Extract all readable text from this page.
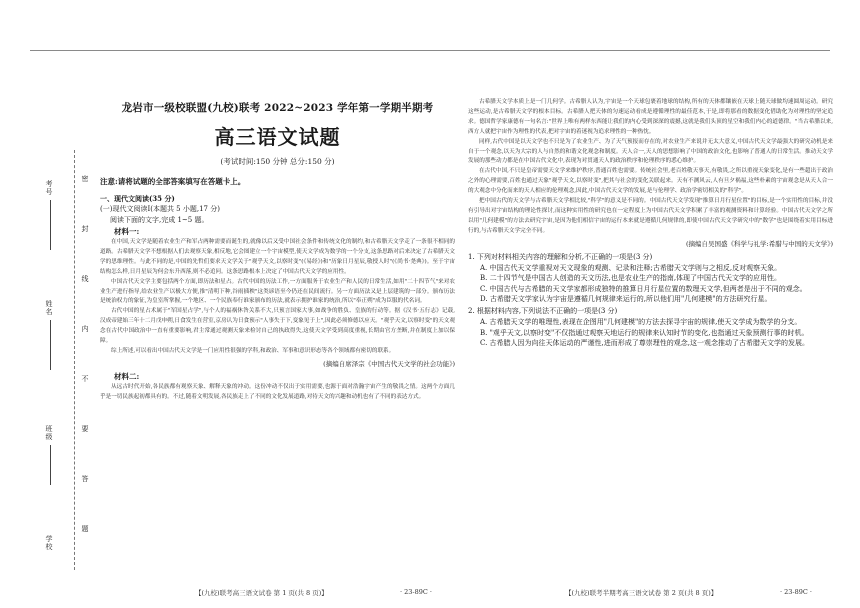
考号
姓名
班级
学校
密
封
线
内
不
要
答
题
龙岩市一级校联盟(九校)联考 2022~2023 学年第一学期半期考
高三语文试题
(考试时间:150 分钟 总分:150 分)
注意:请将试题的全部答案填写在答题卡上。
一、现代文阅读(35 分)
(一)现代文阅读Ⅰ(本题共 5 小题,17 分)
阅读下面的文字,完成 1~5 题。
材料一:

在中国,天文学是随着农业生产和军占两种需要而诞生的,就像以后又受中国社会条件和传统文化的制约,和古希腊天文学走了一条很不相同的道路。古希腊天文学不想根据人们去观察天象,相反地,它会图建立一个宇宙模型,使天文学成为数学的一个分支,这条思路对后来决定了古希腊天文学的思维理性。与此不同的是,中国的先哲们要求天文学关于"观乎天文,以察时变"(《易经》)和"历象日月星辰,敬授人时"(《尚书·尧典》)。至于宇宙结构怎么样,日月星辰为何会东升西落,则不必追问。这条思路根本上决定了中国古代天文学的应用性。

中国古代天文学主要包括两个方面,即历法和星占。古代中国的历法工作,一方面服务于农业生产和人民的日常生活,如用"二十四节气"来对农业生产进行指导,给农业生产以极大方便,推"清明下种,谷雨插秧"这类谚语至今仍还在民间流行。另一方面历法又是上层建筑的一部分。颁布历法是统治权力的象征,为皇室所掌握,一个地区、一个民族奉行谁家颁布的历法,就表示拥护谁家的统治,所以"奉正朔"成为臣服的代名词。

古代中国的星占术属于"军国星占学",与个人的福祸休咎关系不大,只预言国家大事,如战争的胜负、皇族的行动等。据《汉书·五行志》记载,汉成帝建始三年十二月戊申朔,日食发生在营室,京房认为日食预示"人事失于下,变象见于上",因此必须修德以应天。"观乎天文,以察时变"的天文观念在古代中国政治中一直有重要影响,君主常通过观测天象来检讨自己的执政得失,这使天文学受到高度重视,长期由官方垄断,并在制度上加以保障。

综上所述,可以看出中国古代天文学是一门应用性很强的学科,和政治、军事和意识形态等各个领域都有密切的联系。

(摘编自席泽宗《中国古代天文学的社会功能》)
材料二:

从远古时代开始,各民族都有观察天象、解释天象的冲动。这份冲动不仅出于实用需要,也源于面对浩瀚宇宙产生的敬畏之情。这两个方面几乎是一切民族起初都具有的。不过,随着文明发展,各民族走上了不同的文化发展道路,对待天文的兴趣和动机也有了不同的表达方式。

古希腊天文学本质上是一门几何学。古希腊人认为,宇宙是一个天球包裹着地球的结构,所有的天体都镶嵌在天球上随天球做均速圆周运动。研究这些运动,是古希腊天文学的根本目标。古希腊人把天体的匀速运动看成是遵循理性的最佳范本,于是,即将那看的数据变化借助化为对理性的坚定追求。德国哲学家康德有一句名言:"世界上唯有两样东西能让我们的内心受到深深的震撼,这就是我们头顶的星空和我们内心的道德律。"当古希腊以来,西方人就把宇宙作为理性的代表,把对宇宙的着迷视为追求理性的一种热忱。

同样,古代中国是以天文学也不只是为了农业生产、为了天气预报而存在的,对农业生产来说并无太大意义,中国古代天文学最强大的研究动机是来自于一个观念,以天为大宗的人与自然的和谐文化观念和制度。天人合一,天人的思想影响了中国的政治文化,也影响了普通人的日常生活。推动天文学发展的那些动力都是在中国古代文化中,表现为对贯通天人的政治秩序和伦理秩序的悉心维护。

在古代中国,不只是皇帝需要天文学来维护秩序,普通百姓也需要。传统社会里,老百姓敬天事天,有敬畏,之所以重视天象变化,是有一些超出于政治之外的心理需要,百姓也通过天象"观乎天文,以察时变",把其与社会的变化关联起来。天有不测风云,人有旦夕祸福,这些朴素的宇宙观念是从天人合一的大观念中分化而来的天人相应的伦理观念,因此,中国古代天文学的发展,是与伦理学、政治学密切相关的"科学"。

把中国古代的天文学与古希腊天文学相比较,"科学"的意义是不同的。中国古代天文学发现"推算日月行星位置"的目标,是一个实用性的目标,并没有引导出对宇宙结构的理论性探讨,而这种实用性的研究也在一定程度上为中国古代天文学积累了丰富的观测资料和计算经验。中国古代天文学之所以用"几何建模"的方法去研究宇宙,是因为他们相信宇宙的运行本来就是遵循几何规律的,即使中国古代天文学研究中的"数学"也是围绕着实用目标进行的,与古希腊天文学完全不同。

(摘编自吴国盛《科学与礼学:希腊与中国的天文学》)
1. 下列对材料相关内容的理解和分析,不正确的一项是(3 分)
A. 中国古代天文学重视对天文现象的观测、记录和注释;古希腊天文学则与之相反,反对观察天象。
B. 二十四节气是中国古人创造的天文历法,也是农业生产的指南,体现了中国古代天文学的应用性。
C. 中国古代与古希腊的天文学家都形成独特的推算日月行星位置的数理天文学,但两者是出于不同的观念。
D. 古希腊天文学家认为宇宙是遵循几何规律来运行的,所以他们用"几何建模"的方法研究行星。
2. 根据材料内容,下列说法不正确的一项是(3 分)
A. 古希腊天文学的唯理性,表现在企图用"几何建模"的方法去探寻宇宙的规律,使天文学成为数学的分支。
B. "观乎天文,以察时变"不仅指通过观察天地运行的规律来认知时节的变化,也指通过天象预测行事的时机。
C. 古希腊人因为向往天体运动的严谨性,进而形成了尊崇理性的观念,这一观念推动了古希腊天文学的发展。
【(九校)联考高三语文试卷 第 1 页(共 8 页)】	· 23-89C ·	【(九校)联考半期考高三语文试卷 第 2 页(共 8 页)】	· 23-89C ·
